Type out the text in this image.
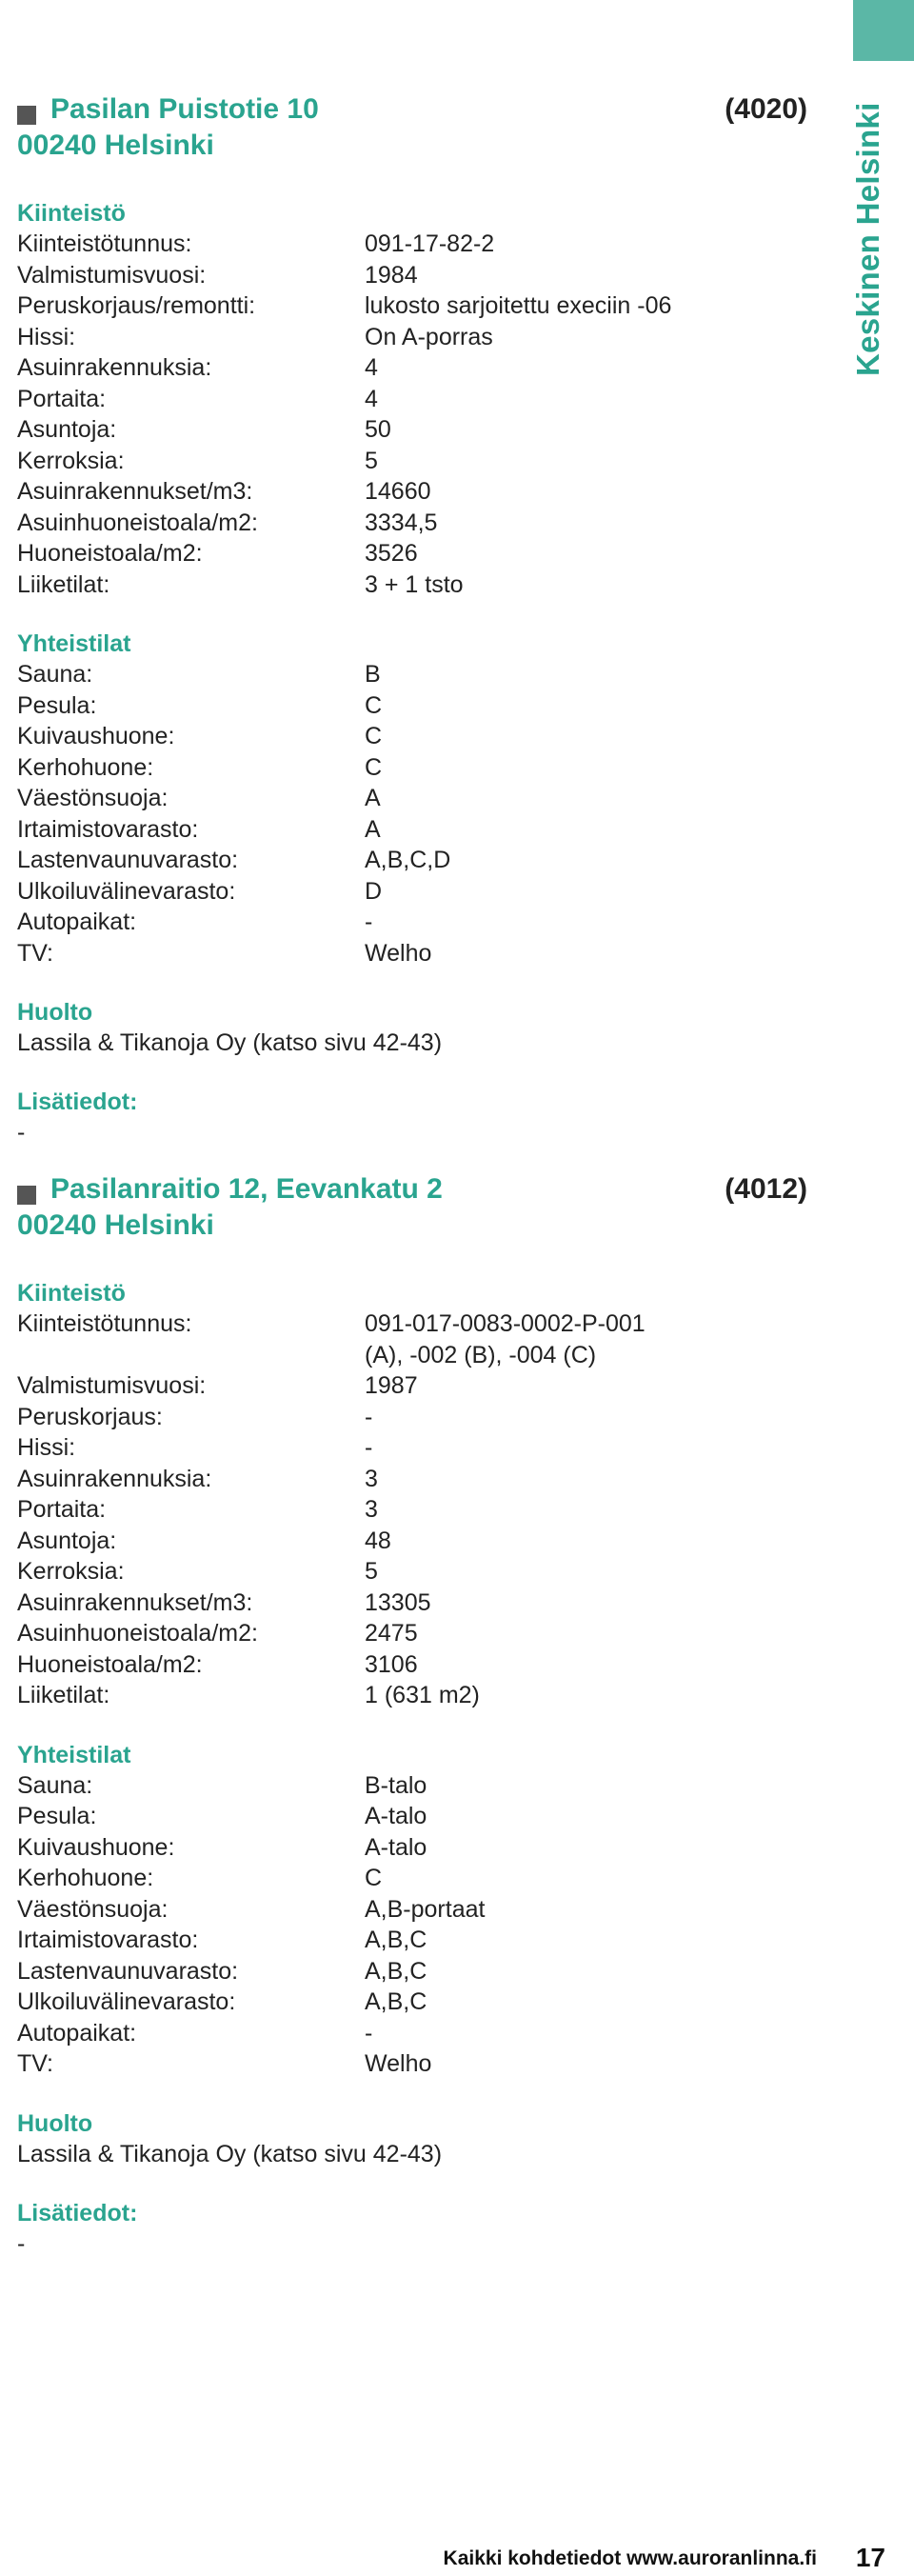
Keskinen Helsinki
Pasilan Puistotie 10
00240 Helsinki
(4020)
Kiinteistö
Kiinteistötunnus:	091-17-82-2
Valmistumisvuosi:	1984
Peruskorjaus/remontti:	lukosto sarjoitettu execiin -06
Hissi:	On A-porras
Asuinrakennuksia:	4
Portaita:	4
Asuntoja:	50
Kerroksia:	5
Asuinrakennukset/m3:	14660
Asuinhuoneistoala/m2:	3334,5
Huoneistoala/m2:	3526
Liiketilat:	3 + 1 tsto
Yhteistilat
Sauna:	B
Pesula:	C
Kuivaushuone:	C
Kerhohuone:	C
Väestönsuoja:	A
Irtaimistovarasto:	A
Lastenvaunuvarasto:	A,B,C,D
Ulkoiluvälinevarasto:	D
Autopaikat:	-
TV:	Welho
Huolto
Lassila & Tikanoja Oy (katso sivu 42-43)
Lisätiedot:
-
Pasilanraitio 12, Eevankatu 2
00240 Helsinki
(4012)
Kiinteistö
Kiinteistötunnus:	091-017-0083-0002-P-001
(A), -002 (B), -004 (C)
Valmistumisvuosi:	1987
Peruskorjaus:	-
Hissi:	-
Asuinrakennuksia:	3
Portaita:	3
Asuntoja:	48
Kerroksia:	5
Asuinrakennukset/m3:	13305
Asuinhuoneistoala/m2:	2475
Huoneistoala/m2:	3106
Liiketilat:	1 (631 m2)
Yhteistilat
Sauna:	B-talo
Pesula:	A-talo
Kuivaushuone:	A-talo
Kerhohuone:	C
Väestönsuoja:	A,B-portaat
Irtaimistovarasto:	A,B,C
Lastenvaunuvarasto:	A,B,C
Ulkoiluvälinevarasto:	A,B,C
Autopaikat:	-
TV:	Welho
Huolto
Lassila & Tikanoja Oy (katso sivu 42-43)
Lisätiedot:
-
Kaikki kohdetiedot www.auroranlinna.fi 17
